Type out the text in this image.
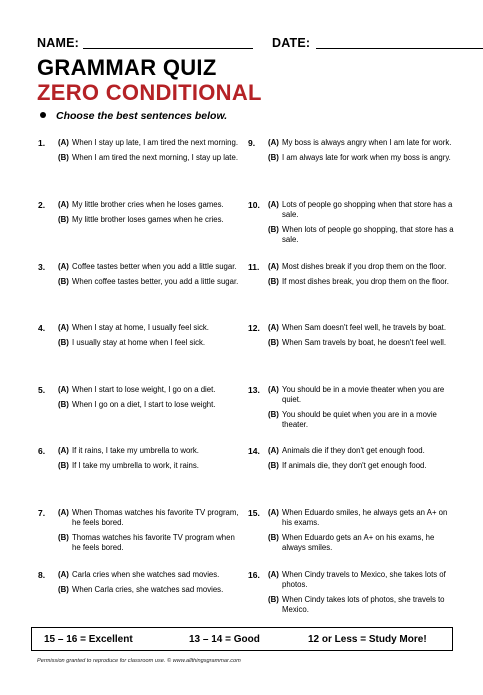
NAME:	DATE:
GRAMMAR QUIZ
ZERO CONDITIONAL
Choose the best sentences below.
1. (A) When I stay up late, I am tired the next morning.
(B) When I am tired the next morning, I stay up late.
2. (A) My little brother cries when he loses games.
(B) My little brother loses games when he cries.
3. (A) Coffee tastes better when you add a little sugar.
(B) When coffee tastes better, you add a little sugar.
4. (A) When I stay at home, I usually feel sick.
(B) I usually stay at home when I feel sick.
5. (A) When I start to lose weight, I go on a diet.
(B) When I go on a diet, I start to lose weight.
6. (A) If it rains, I take my umbrella to work.
(B) If I take my umbrella to work, it rains.
7. (A) When Thomas watches his favorite TV program, he feels bored.
(B) Thomas watches his favorite TV program when he feels bored.
8. (A) Carla cries when she watches sad movies.
(B) When Carla cries, she watches sad movies.
9. (A) My boss is always angry when I am late for work.
(B) I am always late for work when my boss is angry.
10. (A) Lots of people go shopping when that store has a sale.
(B) When lots of people go shopping, that store has a sale.
11. (A) Most dishes break if you drop them on the floor.
(B) If most dishes break, you drop them on the floor.
12. (A) When Sam doesn't feel well, he travels by boat.
(B) When Sam travels by boat, he doesn't feel well.
13. (A) You should be in a movie theater when you are quiet.
(B) You should be quiet when you are in a movie theater.
14. (A) Animals die if they don't get enough food.
(B) If animals die, they don't get enough food.
15. (A) When Eduardo smiles, he always gets an A+ on his exams.
(B) When Eduardo gets an A+ on his exams, he always smiles.
16. (A) When Cindy travels to Mexico, she takes lots of photos.
(B) When Cindy takes lots of photos, she travels to Mexico.
15 – 16 = Excellent	13 – 14 = Good	12 or Less = Study More!
Permission granted to reproduce for classroom use. © www.allthingsgrammar.com
